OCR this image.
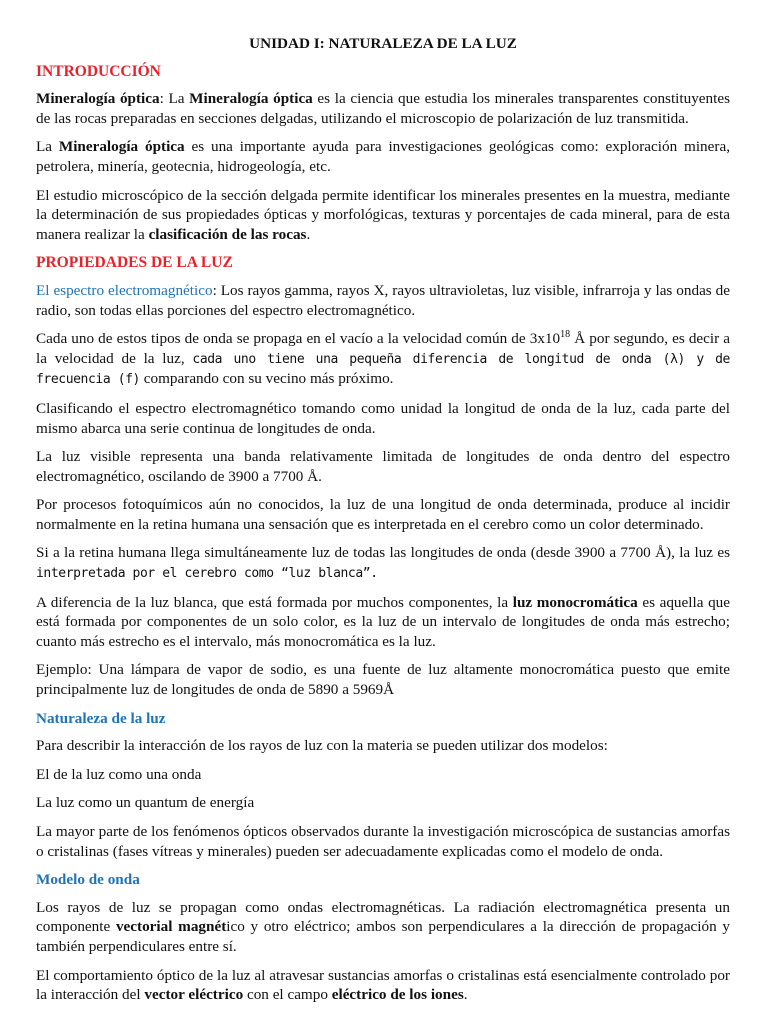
UNIDAD I: NATURALEZA DE LA LUZ
INTRODUCCIÓN

Mineralogía óptica: La Mineralogía óptica es la ciencia que estudia los minerales transparentes constituyentes de las rocas preparadas en secciones delgadas, utilizando el microscopio de polarización de luz transmitida.

La Mineralogía óptica es una importante ayuda para investigaciones geológicas como: exploración minera, petrolera, minería, geotecnia, hidrogeología, etc.

El estudio microscópico de la sección delgada permite identificar los minerales presentes en la muestra, mediante la determinación de sus propiedades ópticas y morfológicas, texturas y porcentajes de cada mineral, para de esta manera realizar la clasificación de las rocas.

PROPIEDADES DE LA LUZ

El espectro electromagnético: Los rayos gamma, rayos X, rayos ultravioletas, luz visible, infrarroja y las ondas de radio, son todas ellas porciones del espectro electromagnético.

Cada uno de estos tipos de onda se propaga en el vacío a la velocidad común de $3x10^{18}$ Å por segundo, es decir a la velocidad de la luz, cada uno tiene una pequeña diferencia de longitud de onda (λ) y de frecuencia (f) comparando con su vecino más próximo.

Clasificando el espectro electromagnético tomando como unidad la longitud de onda de la luz, cada parte del mismo abarca una serie continua de longitudes de onda.

La luz visible representa una banda relativamente limitada de longitudes de onda dentro del espectro electromagnético, oscilando de 3900 a 7700 Å.

Por procesos fotoquímicos aún no conocidos, la luz de una longitud de onda determinada, produce al incidir normalmente en la retina humana una sensación que es interpretada en el cerebro como un color determinado.

Si a la retina humana llega simultáneamente luz de todas las longitudes de onda (desde 3900 a 7700 Å), la luz es interpretada por el cerebro como “luz blanca”.

A diferencia de la luz blanca, que está formada por muchos componentes, la luz monocromática es aquella que está formada por componentes de un solo color, es la luz de un intervalo de longitudes de onda más estrecho; cuanto más estrecho es el intervalo, más monocromática es la luz.

Ejemplo: Una lámpara de vapor de sodio, es una fuente de luz altamente monocromática puesto que emite principalmente luz de longitudes de onda de 5890 a 5969Å

Naturaleza de la luz

Para describir la interacción de los rayos de luz con la materia se pueden utilizar dos modelos:

El de la luz como una onda

La luz como un quantum de energía

La mayor parte de los fenómenos ópticos observados durante la investigación microscópica de sustancias amorfas o cristalinas (fases vítreas y minerales) pueden ser adecuadamente explicadas como el modelo de onda.

Modelo de onda

Los rayos de luz se propagan como ondas electromagnéticas. La radiación electromagnética presenta un componente vectorial magnético y otro eléctrico; ambos son perpendiculares a la dirección de propagación y también perpendiculares entre sí.

El comportamiento óptico de la luz al atravesar sustancias amorfas o cristalinas está esencialmente controlado por la interacción del vector eléctrico con el campo eléctrico de los iones.
